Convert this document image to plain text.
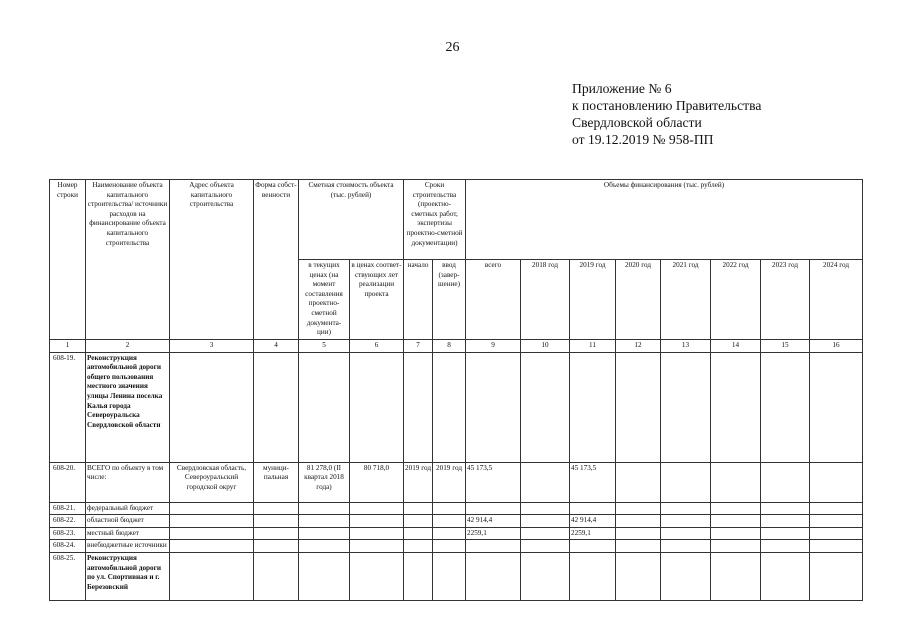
26
Приложение № 6
к постановлению Правительства
Свердловской области
от 19.12.2019 № 958-ПП
Номер строки	Наименование объекта капитального строительства/ источники расходов на финансирование объекта капитального строительства	Адрес объекта капитального строительства	Форма собст-венности	Сметная стоимость объекта (тыс. рублей)		Сроки строительства (проектно-сметных работ, экспертизы проектно-сметной документации)		Объемы финансирования (тыс. рублей)							
				в текущих ценах (на момент составления проектно-сметной документа-ции)	в ценах соответ-ствующих лет реализации проекта	начало	ввод (завер-шение)	всего	2018 год	2019 год	2020 год	2021 год	2022 год	2023 год	2024 год
1	2	3	4	5	6	7	8	9	10	11	12	13	14	15	16
608-19.	Реконструкция автомобильной дороги общего пользования местного значения улицы Ленина поселка Калья города Североуральска Свердловской области														
608-20.	ВСЕГО по объекту в том числе:	Свердловская область, Североуральский городской округ	муници-пальная	81 278,0 (II квартал 2018 года)	80 718,0	2019 год	2019 год	45 173,5		45 173,5					
608-21.	федеральный бюджет														
608-22.	областной бюджет							42 914,4		42 914,4					
608-23.	местный бюджет							2259,1		2259,1					
608-24.	внебюджетные источники														
608-25.	Реконструкция автомобильной дороги по ул. Спортивная и г. Березовский														
